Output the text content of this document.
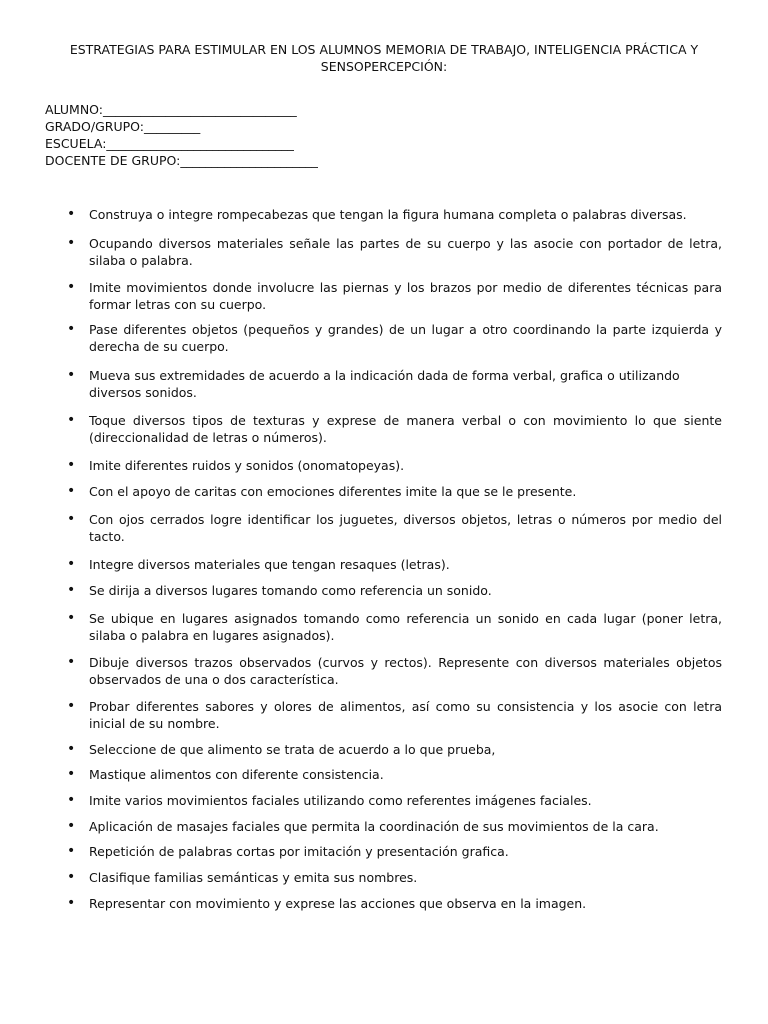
ESTRATEGIAS PARA ESTIMULAR EN LOS ALUMNOS MEMORIA DE TRABAJO, INTELIGENCIA PRÁCTICA Y SENSOPERCEPCIÓN:
ALUMNO:_______________________________
GRADO/GRUPO:_________
ESCUELA:______________________________
DOCENTE DE GRUPO:______________________
• Construya o integre rompecabezas que tengan la figura humana completa o palabras diversas.
• Ocupando diversos materiales señale las partes de su cuerpo y las asocie con portador de letra, silaba o palabra.
• Imite movimientos donde involucre las piernas y los brazos por medio de diferentes técnicas para formar letras con su cuerpo.
• Pase diferentes objetos (pequeños y grandes) de un lugar a otro coordinando la parte izquierda y derecha de su cuerpo.
• Mueva sus extremidades de acuerdo a la indicación dada de forma verbal, grafica o utilizando diversos sonidos.
• Toque diversos tipos de texturas y exprese de manera verbal o con movimiento lo que siente (direccionalidad de letras o números).
• Imite diferentes ruidos y sonidos (onomatopeyas).
• Con el apoyo de caritas con emociones diferentes imite la que se le presente.
• Con ojos cerrados logre identificar los juguetes, diversos objetos, letras o números por medio del tacto.
• Integre diversos materiales que tengan resaques (letras).
• Se dirija a diversos lugares tomando como referencia un sonido.
• Se ubique en lugares asignados tomando como referencia un sonido en cada lugar (poner letra, silaba o palabra en lugares asignados).
• Dibuje diversos trazos observados (curvos y rectos). Represente con diversos materiales objetos observados de una o dos característica.
• Probar diferentes sabores y olores de alimentos, así como su consistencia y los asocie con letra inicial de su nombre.
• Seleccione de que alimento se trata de acuerdo a lo que prueba,
• Mastique alimentos con diferente consistencia.
• Imite varios movimientos faciales utilizando como referentes imágenes faciales.
• Aplicación de masajes faciales que permita la coordinación de sus movimientos de la cara.
• Repetición de palabras cortas por imitación y presentación grafica.
• Clasifique familias semánticas y emita sus nombres.
• Representar con movimiento y exprese las acciones que observa en la imagen.
